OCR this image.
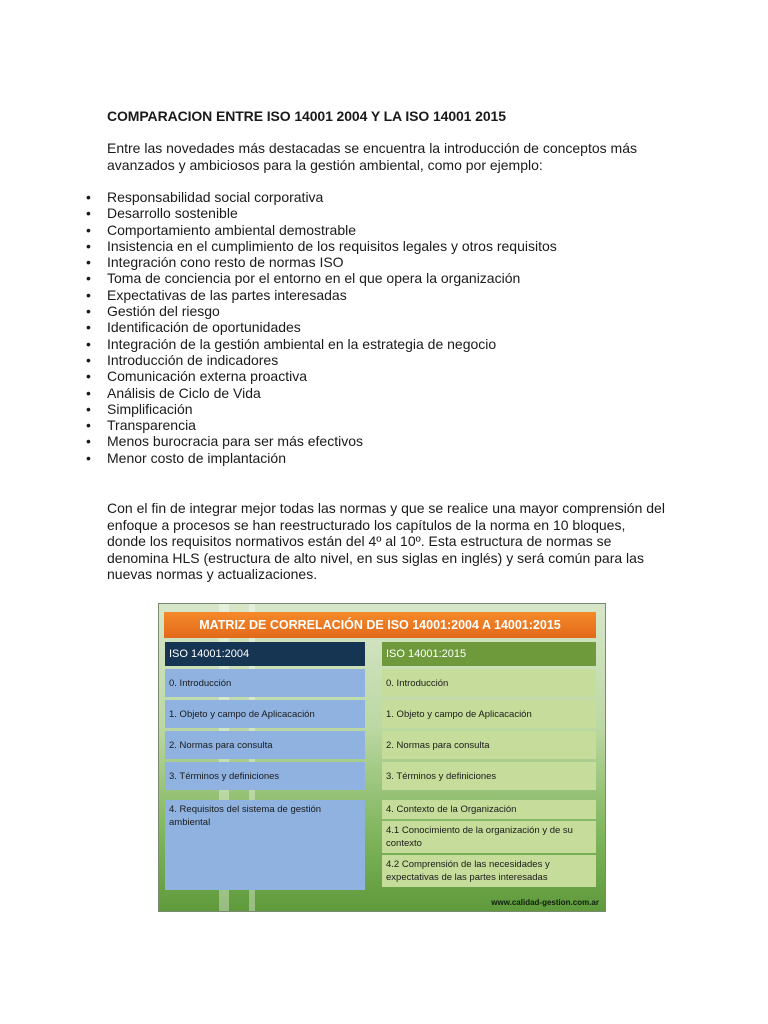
COMPARACION ENTRE ISO 14001 2004 Y LA ISO 14001 2015
Entre las novedades más destacadas se encuentra la introducción de conceptos más avanzados y ambiciosos para la gestión ambiental, como por ejemplo:
• Responsabilidad social corporativa
• Desarrollo sostenible
• Comportamiento ambiental demostrable
• Insistencia en el cumplimiento de los requisitos legales y otros requisitos
• Integración cono resto de normas ISO
• Toma de conciencia por el entorno en el que opera la organización
• Expectativas de las partes interesadas
• Gestión del riesgo
• Identificación de oportunidades
• Integración de la gestión ambiental en la estrategia de negocio
• Introducción de indicadores
• Comunicación externa proactiva
• Análisis de Ciclo de Vida
• Simplificación
• Transparencia
• Menos burocracia para ser más efectivos
• Menor costo de implantación
Con el fin de integrar mejor todas las normas y que se realice una mayor comprensión del enfoque a procesos se han reestructurado los capítulos de la norma en 10 bloques, donde los requisitos normativos están del 4º al 10º. Esta estructura de normas se denomina HLS (estructura de alto nivel, en sus siglas en inglés) y será común para las nuevas normas y actualizaciones.
MATRIZ DE CORRELACIÓN DE ISO 14001:2004 A 14001:2015
ISO 14001:2004
0. Introducción
1. Objeto y campo de Aplicacación
2. Normas para consulta
3. Términos y definiciones
4. Requisitos del sistema de gestión ambiental
ISO 14001:2015
0. Introducción
1. Objeto y campo de Aplicacación
2. Normas para consulta
3. Términos y definiciones
4. Contexto de la Organización
4.1 Conocimiento de la organización y de su contexto
4.2 Comprensión de las necesidades y expectativas de las partes interesadas
www.calidad-gestion.com.ar
